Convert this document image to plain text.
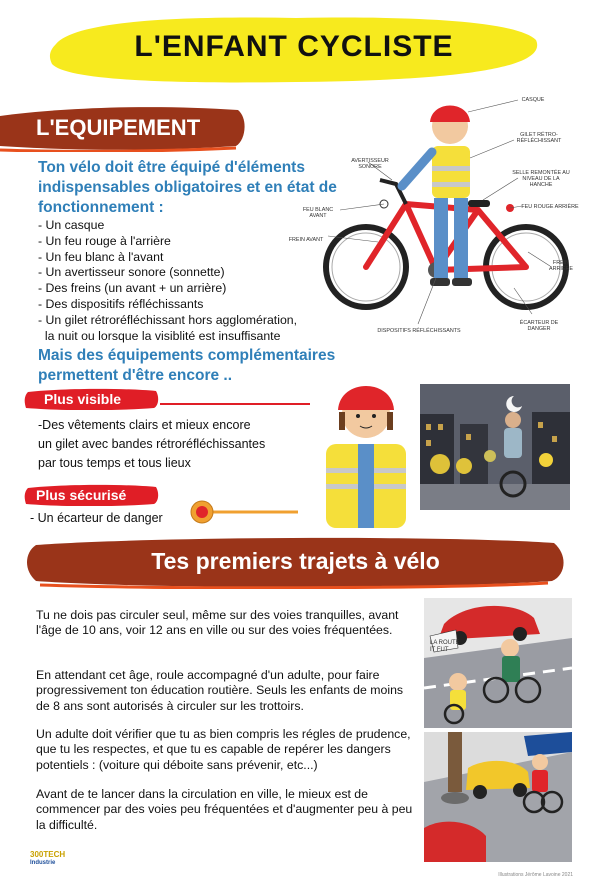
L'ENFANT CYCLISTE
L'EQUIPEMENT
Ton vélo doit être équipé d'éléments indispensables obligatoires et en état de fonctionnement :
- Un casque
- Un feu rouge à l'arrière
- Un feu blanc à l'avant
- Un avertisseur sonore (sonnette)
- Des freins (un avant + un arrière)
- Des dispositifs réfléchissants
- Un gilet rétroréfléchissant hors agglomération,
la nuit ou lorsque la visiblité est insuffisante
Mais des équipements complémentaires permettent d'être encore ..
CASQUE
GILET RÉTRO-RÉFLÉCHISSANT
AVERTISSEUR SONORE
SELLE REMONTÉE AU NIVEAU DE LA HANCHE
FEU BLANC AVANT
FEU ROUGE ARRIÈRE
FREIN AVANT
FREIN ARRIÈRE
DISPOSITIFS RÉFLÉCHISSANTS
ÉCARTEUR DE DANGER
Plus visible
-Des vêtements clairs et mieux encore
un gilet avec bandes rétroréfléchissantes
par tous temps et tous lieux
Plus sécurisé
- Un écarteur de danger
Tes premiers trajets à vélo

Tu ne dois pas circuler seul, même sur des voies tranquilles, avant l'âge de 10 ans, voir 12 ans en ville ou sur des voies fréquentées.

En attendant cet âge, roule accompagné d'un adulte, pour faire progressivement ton éducation routière. Seuls les enfants de moins de 8 ans sont autorisés à circuler sur les trottoirs.

Un adulte doit vérifier que tu as bien compris les régles de prudence, que tu les respectes, et que tu es capable de repérer les dangers potentiels : (voiture qui déboite sans prévenir, etc...)

Avant de te lancer dans la circulation en ville, le mieux est de commencer par des voies peu fréquentées et d'augmenter peu à peu la difficulté.

LA ROUTE IT FUT
300TECH
Industrie
Illustrations Jérôme Lavoine 2021
